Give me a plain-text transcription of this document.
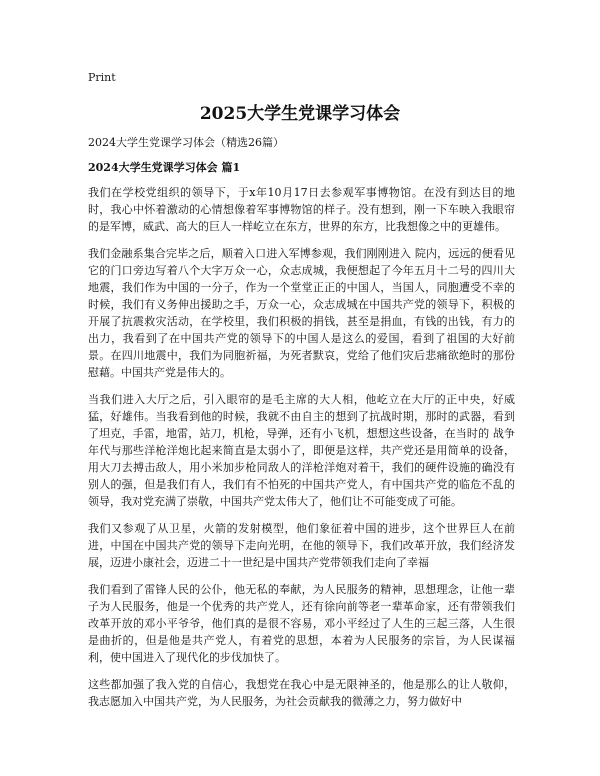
Print
2025大学生党课学习体会
2024大学生党课学习体会（精选26篇）
2024大学生党课学习体会 篇1

我们在学校党组织的领导下，于x年10月17日去参观军事博物馆。在没有到达目的地时，我心中怀着激动的心情想像着军事博物馆的样子。没有想到，刚一下车映入我眼帘的是军博，威武、高大的巨人一样屹立在东方，世界的东方，比我想像之中的更雄伟。

我们金融系集合完毕之后，顺着入口进入军博参观，我们刚刚进入 院内，远远的便看见它的门口旁边写着八个大字万众一心，众志成城，我便想起了今年五月十二号的四川大地震，我们作为中国的一分子，作为一个堂堂正正的中国人，当国人，同胞遭受不幸的时候，我们有义务伸出援助之手，万众一心，众志成城在中国共产党的领导下，积极的开展了抗震救灾活动，在学校里，我们积极的捐钱，甚至是捐血，有钱的出钱，有力的出力，我看到了在中国共产党的领导下的中国人是这么的爱国，看到了祖国的大好前景。在四川地震中，我们为同胞祈福，为死者默哀，党给了他们灾后悲痛欲绝时的那份慰藉。中国共产党是伟大的。

当我们进入大厅之后，引入眼帘的是毛主席的大人相，他屹立在大厅的正中央，好威猛，好雄伟。当我看到他的时候，我就不由自主的想到了抗战时期，那时的武器，看到了坦克，手雷，地雷，站刀，机枪，导弹，还有小飞机，想想这些设备，在当时的 战争年代与那些洋枪洋炮比起来简直是太弱小了，即便是这样，共产党还是用简单的设备，用大刀去搏击敌人，用小米加步枪同敌人的洋枪洋炮对着干，我们的硬件设施的确没有别人的强，但是我们有人，我们有不怕死的中国共产党人，有中国共产党的临危不乱的领导，我对党充满了崇敬，中国共产党太伟大了，他们让不可能变成了可能。

我们又参观了从卫星，火箭的发射模型，他们象征着中国的进步，这个世界巨人在前进，中国在中国共产党的领导下走向光明，在他的领导下，我们改革开放，我们经济发展，迈进小康社会，迈进二十一世纪是中国共产党带领我们走向了幸福

我们看到了雷锋人民的公仆，他无私的奉献，为人民服务的精神，思想理念，让他一辈子为人民服务，他是一个优秀的共产党人，还有徐向前等老一辈革命家，还有带领我们改革开放的邓小平爷爷，他们真的是很不容易，邓小平经过了人生的三起三落，人生很是曲折的，但是他是共产党人，有着党的思想，本着为人民服务的宗旨，为人民谋福利，使中国进入了现代化的步伐加快了。

这些都加强了我入党的自信心，我想党在我心中是无限神圣的，他是那么的让人敬仰，我志愿加入中国共产党，为人民服务，为社会贡献我的微薄之力，努力做好中
